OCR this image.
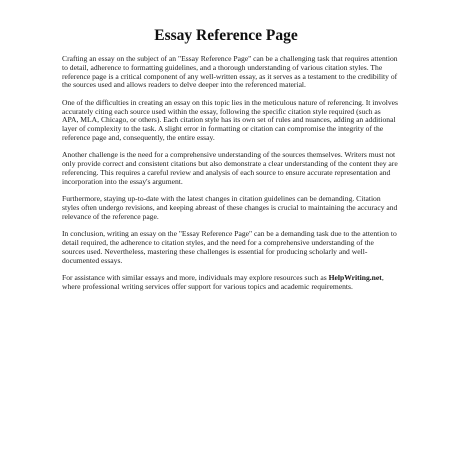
Essay Reference Page

Crafting an essay on the subject of an "Essay Reference Page" can be a challenging task that requires attention to detail, adherence to formatting guidelines, and a thorough understanding of various citation styles. The reference page is a critical component of any well-written essay, as it serves as a testament to the credibility of the sources used and allows readers to delve deeper into the referenced material.

One of the difficulties in creating an essay on this topic lies in the meticulous nature of referencing. It involves accurately citing each source used within the essay, following the specific citation style required (such as APA, MLA, Chicago, or others). Each citation style has its own set of rules and nuances, adding an additional layer of complexity to the task. A slight error in formatting or citation can compromise the integrity of the reference page and, consequently, the entire essay.

Another challenge is the need for a comprehensive understanding of the sources themselves. Writers must not only provide correct and consistent citations but also demonstrate a clear understanding of the content they are referencing. This requires a careful review and analysis of each source to ensure accurate representation and incorporation into the essay's argument.

Furthermore, staying up-to-date with the latest changes in citation guidelines can be demanding. Citation styles often undergo revisions, and keeping abreast of these changes is crucial to maintaining the accuracy and relevance of the reference page.

In conclusion, writing an essay on the "Essay Reference Page" can be a demanding task due to the attention to detail required, the adherence to citation styles, and the need for a comprehensive understanding of the sources used. Nevertheless, mastering these challenges is essential for producing scholarly and well-documented essays.

For assistance with similar essays and more, individuals may explore resources such as HelpWriting.net, where professional writing services offer support for various topics and academic requirements.
